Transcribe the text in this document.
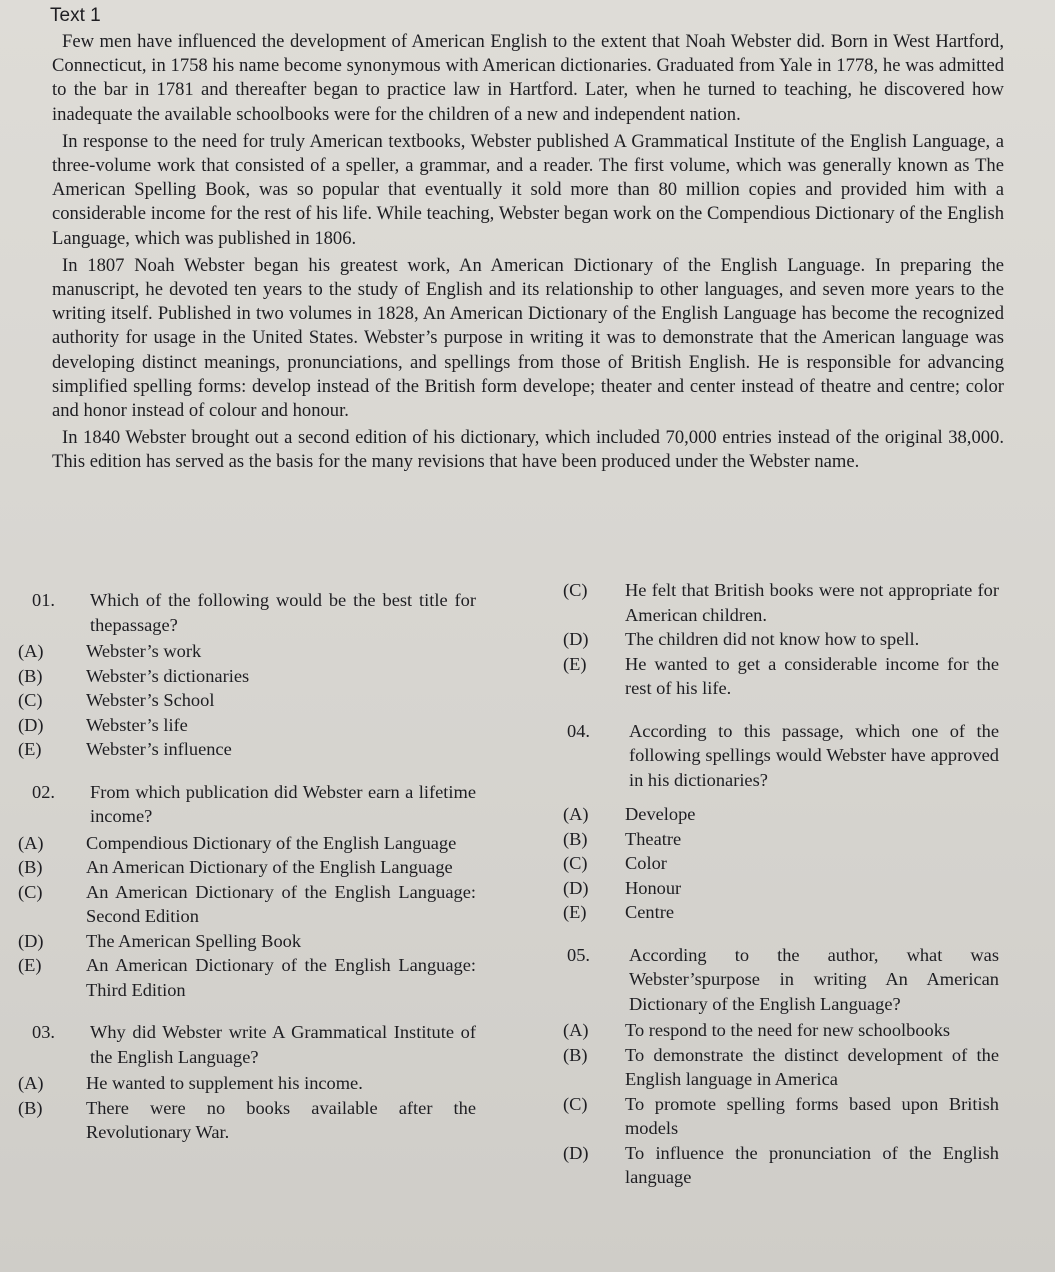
Text 1

Few men have influenced the development of American English to the extent that Noah Webster did. Born in West Hartford, Connecticut, in 1758 his name become synonymous with American dictionaries. Graduated from Yale in 1778, he was admitted to the bar in 1781 and thereafter began to practice law in Hartford. Later, when he turned to teaching, he discovered how inadequate the available schoolbooks were for the children of a new and independent nation.

In response to the need for truly American textbooks, Webster published A Grammatical Institute of the English Language, a three-volume work that consisted of a speller, a grammar, and a reader. The first volume, which was generally known as The American Spelling Book, was so popular that eventually it sold more than 80 million copies and provided him with a considerable income for the rest of his life. While teaching, Webster began work on the Compendious Dictionary of the English Language, which was published in 1806.

In 1807 Noah Webster began his greatest work, An American Dictionary of the English Language. In preparing the manuscript, he devoted ten years to the study of English and its relationship to other languages, and seven more years to the writing itself. Published in two volumes in 1828, An American Dictionary of the English Language has become the recognized authority for usage in the United States. Webster’s purpose in writing it was to demonstrate that the American language was developing distinct meanings, pronunciations, and spellings from those of British English. He is responsible for advancing simplified spelling forms: develop instead of the British form develope; theater and center instead of theatre and centre; color and honor instead of colour and honour.

In 1840 Webster brought out a second edition of his dictionary, which included 70,000 entries instead of the original 38,000. This edition has served as the basis for the many revisions that have been produced under the Webster name.

01.	Which of the following would be the best title for thepassage?
(A)	Webster’s work
(B)	Webster’s dictionaries
(C)	Webster’s School
(D)	Webster’s life
(E)	Webster’s influence
02.	From which publication did Webster earn a lifetime income?
(A)	Compendious Dictionary of the English Language
(B)	An American Dictionary of the English Language
(C)	An American Dictionary of the English Language: Second Edition
(D)	The American Spelling Book
(E)	An American Dictionary of the English Language: Third Edition
03.	Why did Webster write A Grammatical Institute of the English Language?
(A)	He wanted to supplement his income.
(B)	There were no books available after the Revolutionary War.
(C)	He felt that British books were not appropriate for American children.
(D)	The children did not know how to spell.
(E)	He wanted to get a considerable income for the rest of his life.
04.	According to this passage, which one of the following spellings would Webster have approved in his dictionaries?
(A)	Develope
(B)	Theatre
(C)	Color
(D)	Honour
(E)	Centre
05.	According to the author, what was Webster’spurpose in writing An American Dictionary of the English Language?
(A)	To respond to the need for new schoolbooks
(B)	To demonstrate the distinct development of the English language in America
(C)	To promote spelling forms based upon British models
(D)	To influence the pronunciation of the English language
